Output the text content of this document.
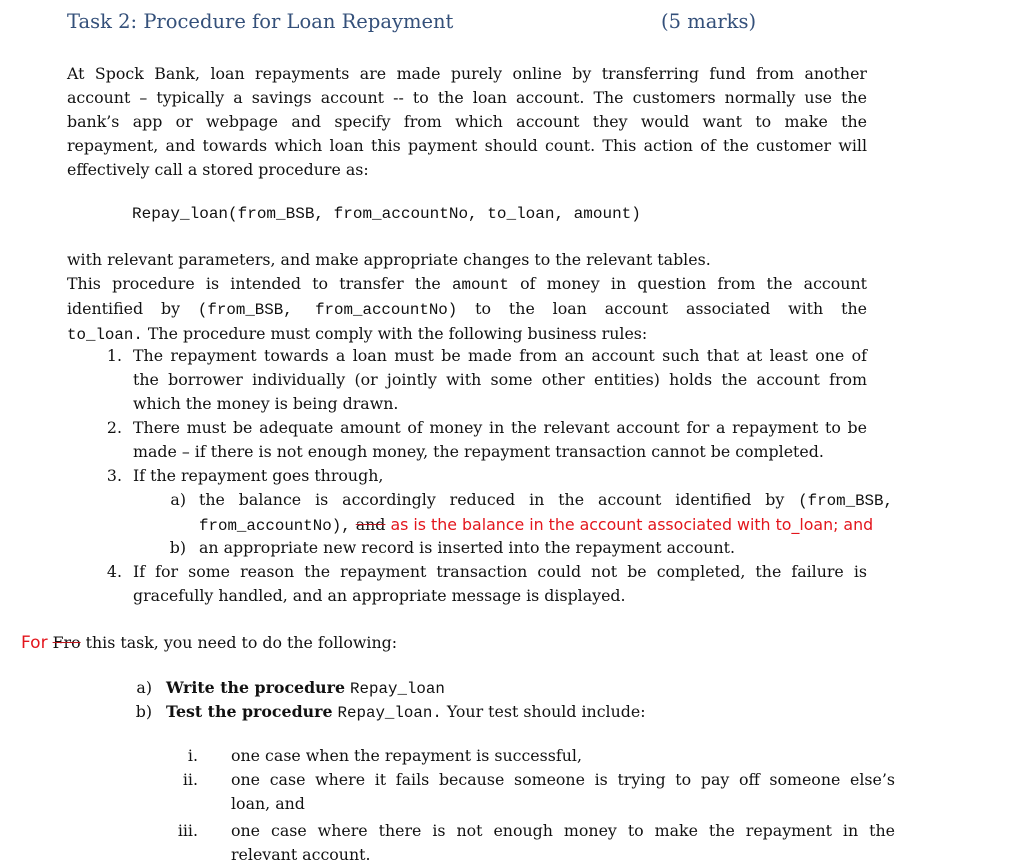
Task 2: Procedure for Loan Repayment	(5 marks)
At Spock Bank, loan repayments are made purely online by transferring fund from another
account – typically a savings account -- to the loan account. The customers normally use the
bank’s app or webpage and specify from which account they would want to make the
repayment, and towards which loan this payment should count. This action of the customer will
effectively call a stored procedure as:
Repay_loan(from_BSB, from_accountNo, to_loan, amount)
with relevant parameters, and make appropriate changes to the relevant tables.
This procedure is intended to transfer the amount of money in question from the account
identified by (from_BSB, from_accountNo) to the loan account associated with the
to_loan. The procedure must comply with the following business rules:
1. The repayment towards a loan must be made from an account such that at least one of
the borrower individually (or jointly with some other entities) holds the account from
which the money is being drawn.
2. There must be adequate amount of money in the relevant account for a repayment to be
made – if there is not enough money, the repayment transaction cannot be completed.
3. If the repayment goes through,
a) the balance is accordingly reduced in the account identified by (from_BSB,
from_accountNo), and as is the balance in the account associated with to_loan; and
b) an appropriate new record is inserted into the repayment account.
4. If for some reason the repayment transaction could not be completed, the failure is
gracefully handled, and an appropriate message is displayed.
For Fro this task, you need to do the following:
a) Write the procedure Repay_loan
b) Test the procedure Repay_loan. Your test should include:
i. one case when the repayment is successful,
ii. one case where it fails because someone is trying to pay off someone else’s
loan, and
iii. one case where there is not enough money to make the repayment in the
relevant account.
